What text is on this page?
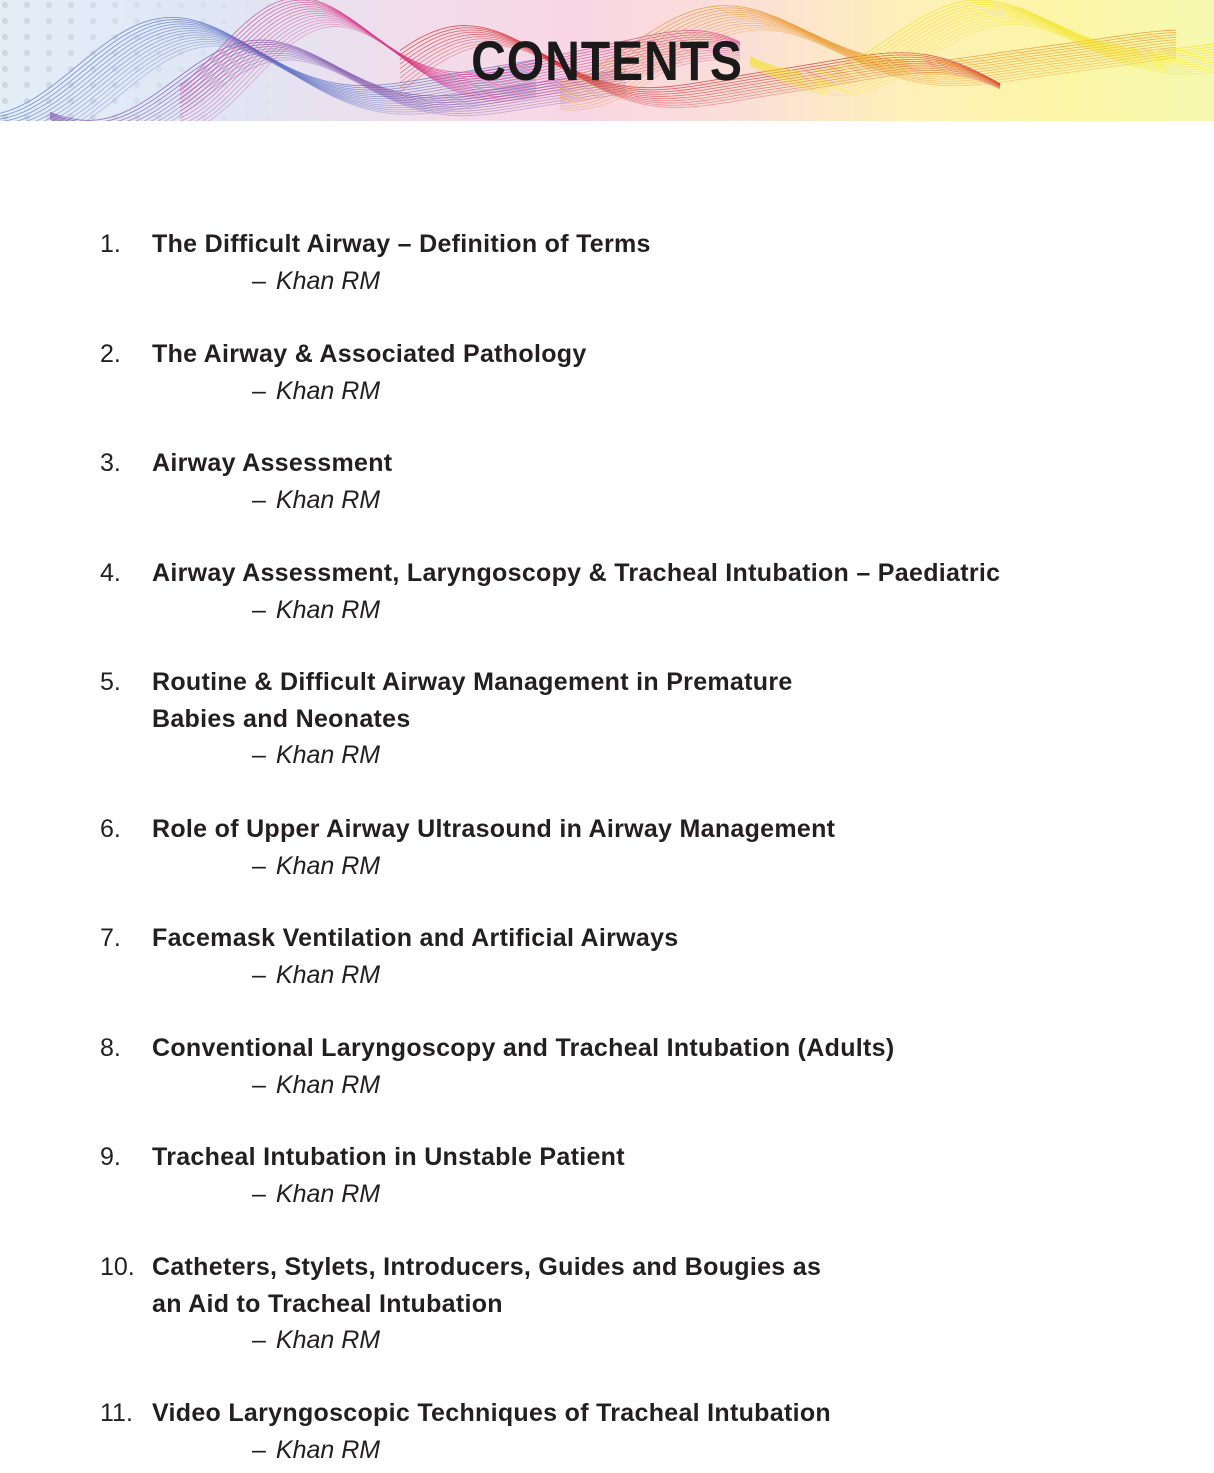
CONTENTS
1. The Difficult Airway – Definition of Terms
– Khan RM
2. The Airway & Associated Pathology
– Khan RM
3. Airway Assessment
– Khan RM
4. Airway Assessment, Laryngoscopy & Tracheal Intubation – Paediatric
– Khan RM
5. Routine & Difficult Airway Management in Premature
Babies and Neonates
– Khan RM
6. Role of Upper Airway Ultrasound in Airway Management
– Khan RM
7. Facemask Ventilation and Artificial Airways
– Khan RM
8. Conventional Laryngoscopy and Tracheal Intubation (Adults)
– Khan RM
9. Tracheal Intubation in Unstable Patient
– Khan RM
10. Catheters, Stylets, Introducers, Guides and Bougies as
an Aid to Tracheal Intubation
– Khan RM
11. Video Laryngoscopic Techniques of Tracheal Intubation
– Khan RM
